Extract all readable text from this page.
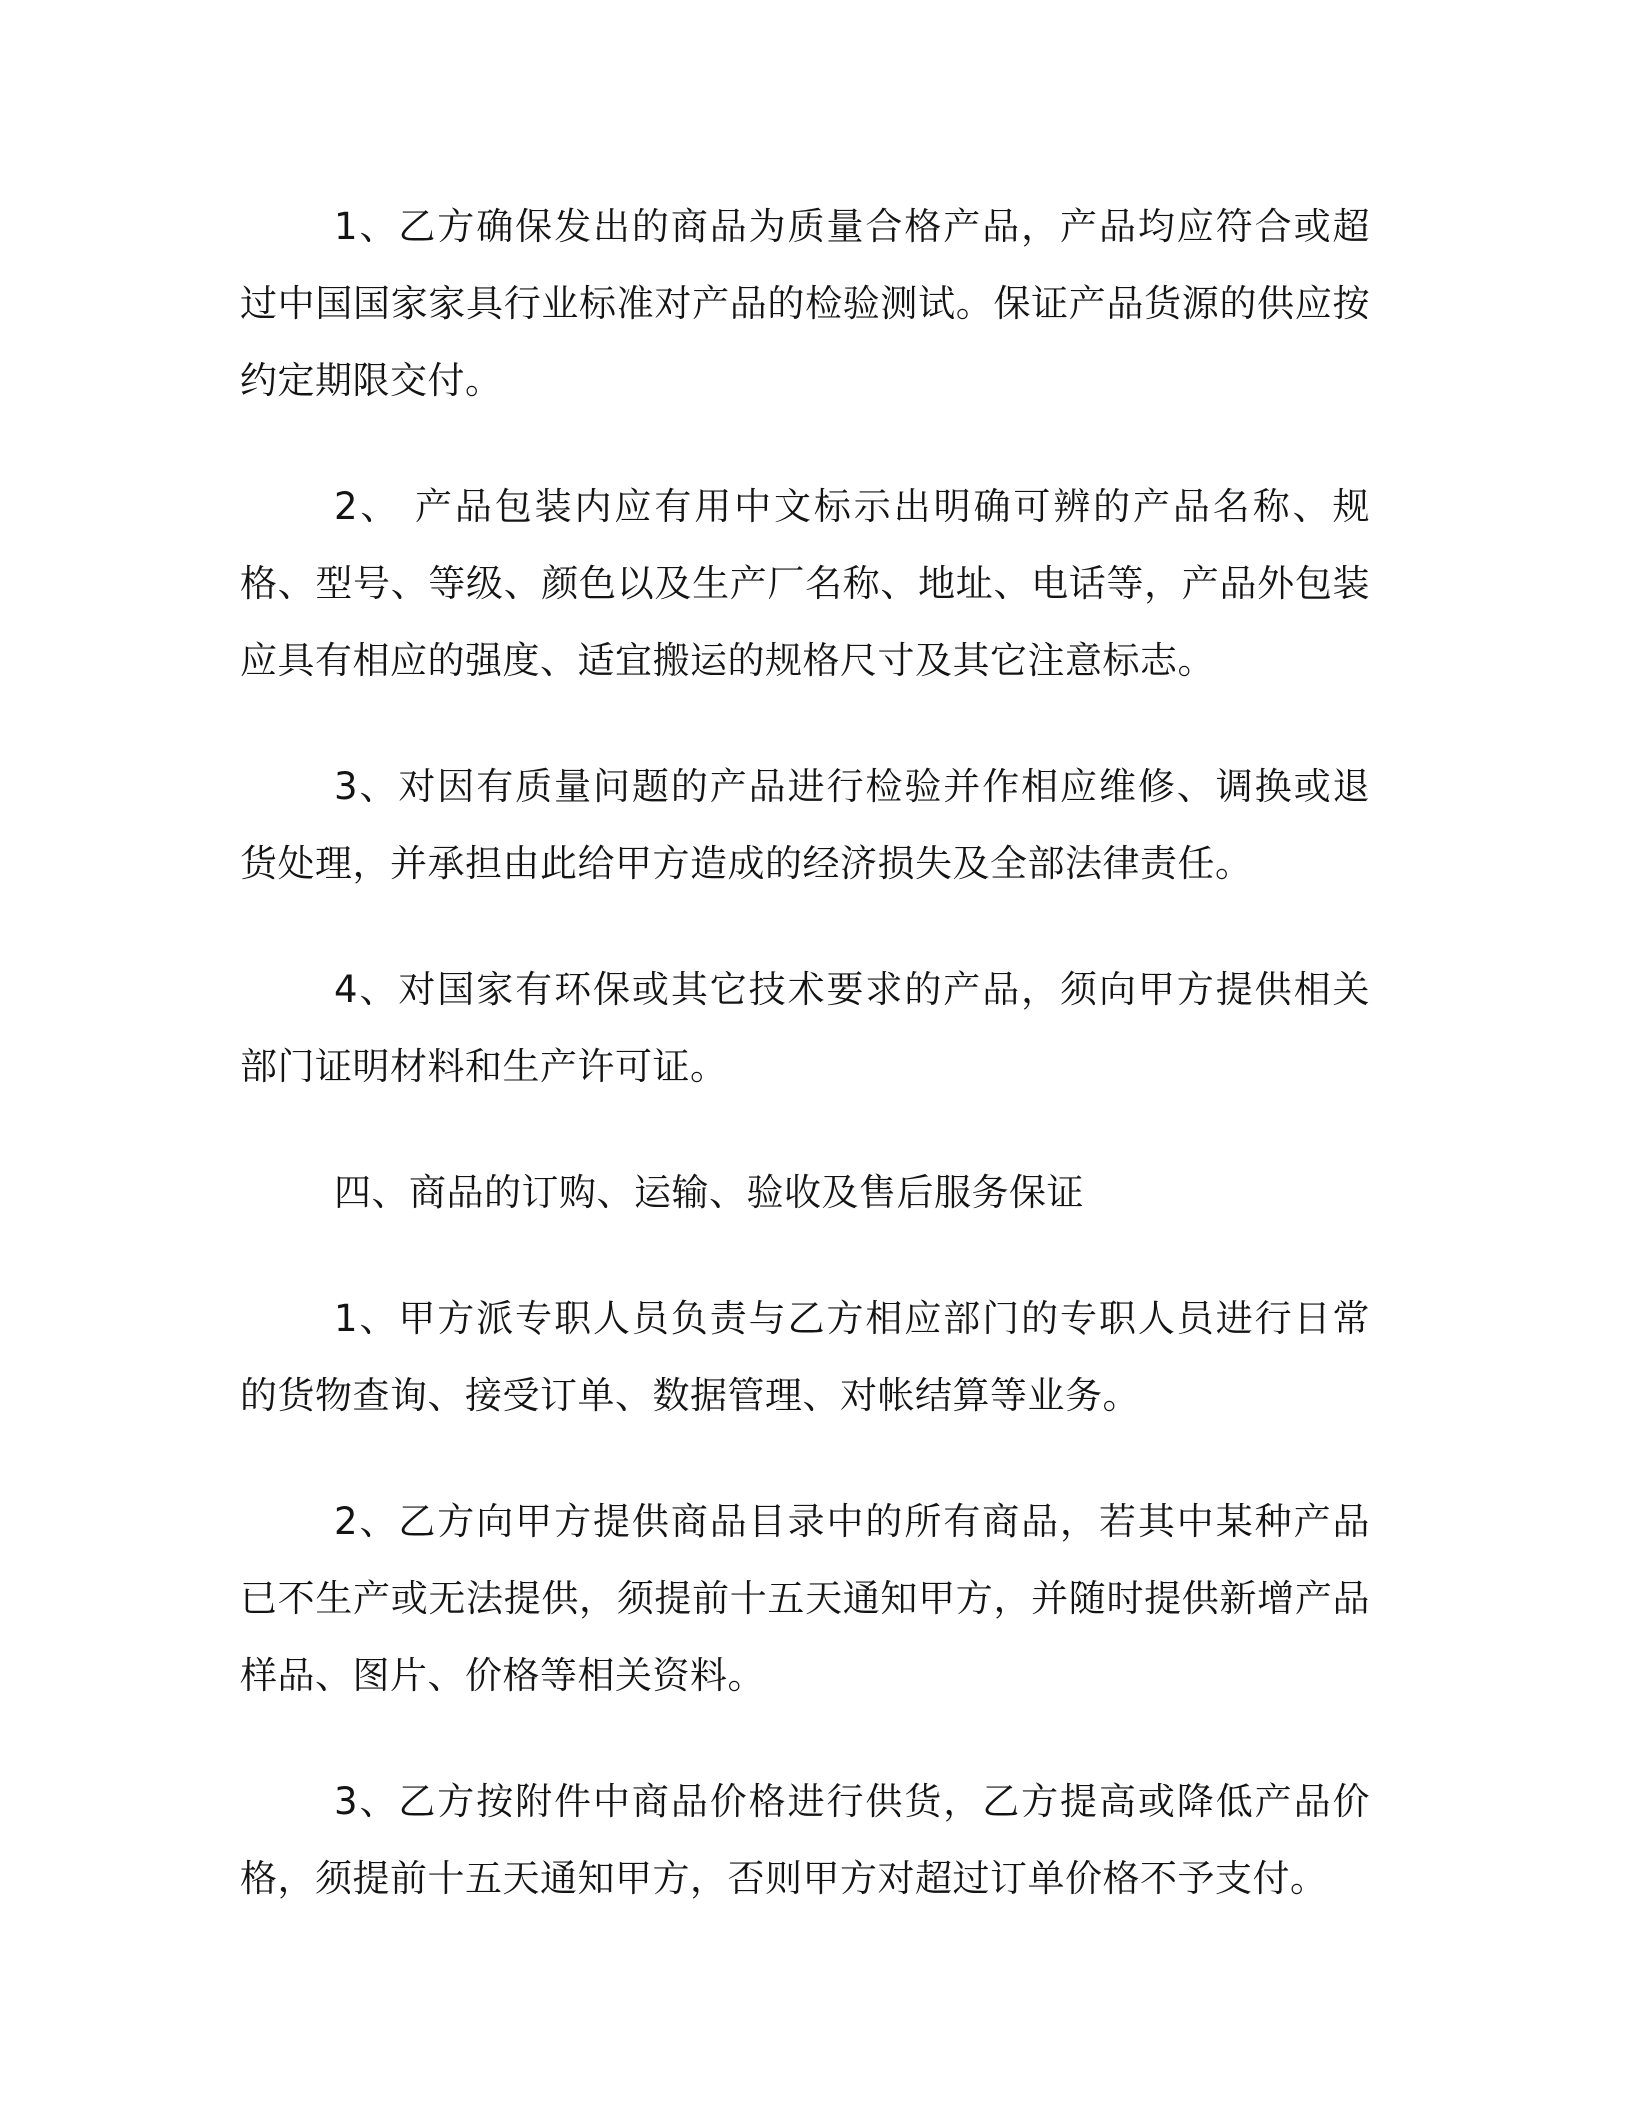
1、乙方确保发出的商品为质量合格产品，产品均应符合或超过中国国家家具行业标准对产品的检验测试。保证产品货源的供应按约定期限交付。

2、 产品包装内应有用中文标示出明确可辨的产品名称、规格、型号、等级、颜色以及生产厂名称、地址、电话等，产品外包装应具有相应的强度、适宜搬运的规格尺寸及其它注意标志。

3、对因有质量问题的产品进行检验并作相应维修、调换或退货处理，并承担由此给甲方造成的经济损失及全部法律责任。

4、对国家有环保或其它技术要求的产品，须向甲方提供相关部门证明材料和生产许可证。

四、商品的订购、运输、验收及售后服务保证

1、甲方派专职人员负责与乙方相应部门的专职人员进行日常的货物查询、接受订单、数据管理、对帐结算等业务。

2、乙方向甲方提供商品目录中的所有商品，若其中某种产品已不生产或无法提供，须提前十五天通知甲方，并随时提供新增产品样品、图片、价格等相关资料。

3、乙方按附件中商品价格进行供货，乙方提高或降低产品价格，须提前十五天通知甲方，否则甲方对超过订单价格不予支付。
